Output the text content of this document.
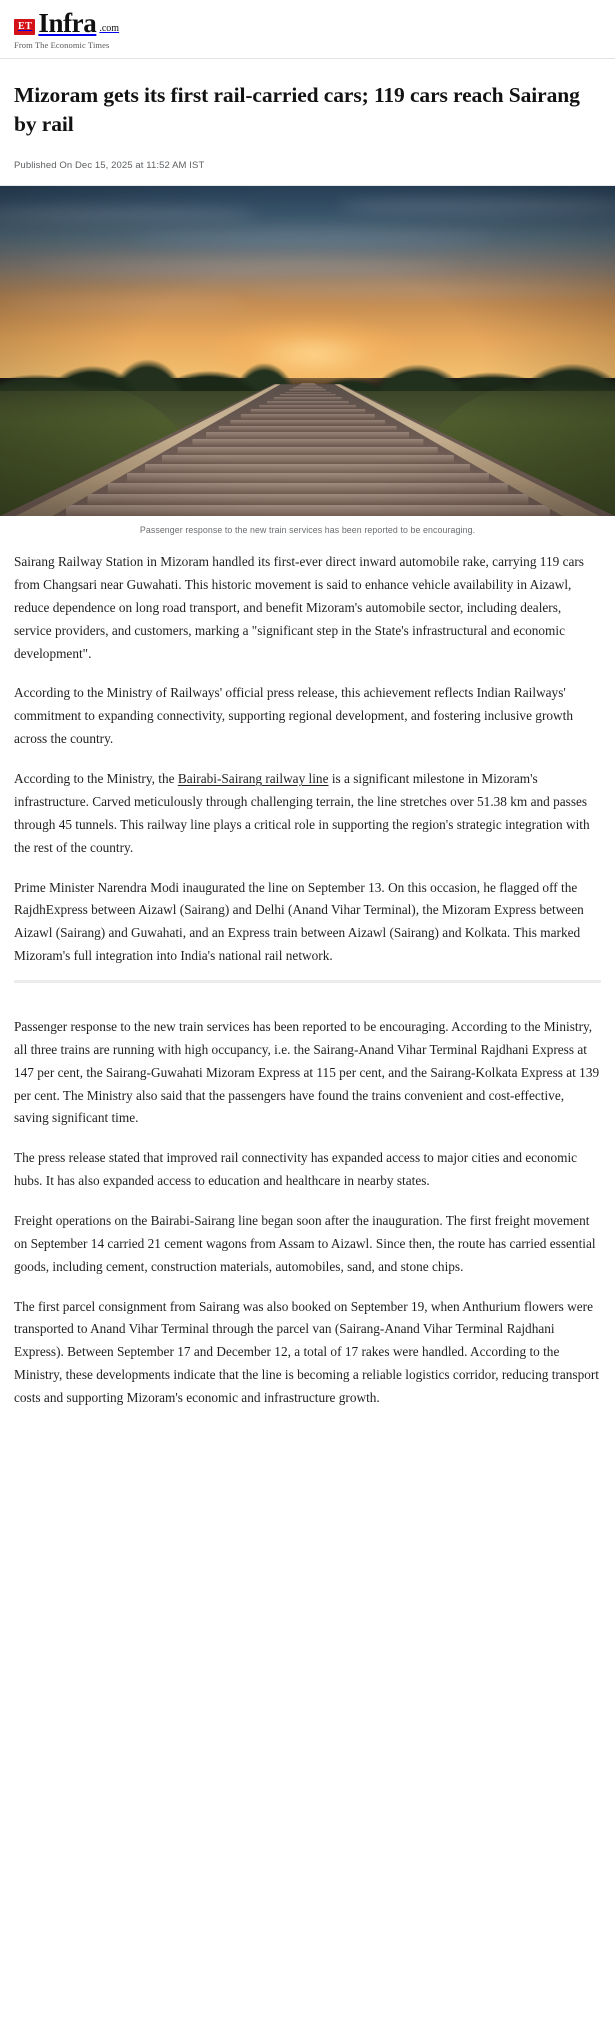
ET Infra .com
From The Economic Times
Mizoram gets its first rail-carried cars; 119 cars reach Sairang by rail
Published On Dec 15, 2025 at 11:52 AM IST
Passenger response to the new train services has been reported to be encouraging.

Sairang Railway Station in Mizoram handled its first-ever direct inward automobile rake, carrying 119 cars from Changsari near Guwahati. This historic movement is said to enhance vehicle availability in Aizawl, reduce dependence on long road transport, and benefit Mizoram's automobile sector, including dealers, service providers, and customers, marking a "significant step in the State's infrastructural and economic development".

According to the Ministry of Railways' official press release, this achievement reflects Indian Railways' commitment to expanding connectivity, supporting regional development, and fostering inclusive growth across the country.

According to the Ministry, the Bairabi-Sairang railway line is a significant milestone in Mizoram's infrastructure. Carved meticulously through challenging terrain, the line stretches over 51.38 km and passes through 45 tunnels. This railway line plays a critical role in supporting the region's strategic integration with the rest of the country.

Prime Minister Narendra Modi inaugurated the line on September 13. On this occasion, he flagged off the RajdhExpress between Aizawl (Sairang) and Delhi (Anand Vihar Terminal), the Mizoram Express between Aizawl (Sairang) and Guwahati, and an Express train between Aizawl (Sairang) and Kolkata. This marked Mizoram's full integration into India's national rail network.

Passenger response to the new train services has been reported to be encouraging. According to the Ministry, all three trains are running with high occupancy, i.e. the Sairang-Anand Vihar Terminal Rajdhani Express at 147 per cent, the Sairang-Guwahati Mizoram Express at 115 per cent, and the Sairang-Kolkata Express at 139 per cent. The Ministry also said that the passengers have found the trains convenient and cost-effective, saving significant time.

The press release stated that improved rail connectivity has expanded access to major cities and economic hubs. It has also expanded access to education and healthcare in nearby states.

Freight operations on the Bairabi-Sairang line began soon after the inauguration. The first freight movement on September 14 carried 21 cement wagons from Assam to Aizawl. Since then, the route has carried essential goods, including cement, construction materials, automobiles, sand, and stone chips.

The first parcel consignment from Sairang was also booked on September 19, when Anthurium flowers were transported to Anand Vihar Terminal through the parcel van (Sairang-Anand Vihar Terminal Rajdhani Express). Between September 17 and December 12, a total of 17 rakes were handled. According to the Ministry, these developments indicate that the line is becoming a reliable logistics corridor, reducing transport costs and supporting Mizoram's economic and infrastructure growth.
